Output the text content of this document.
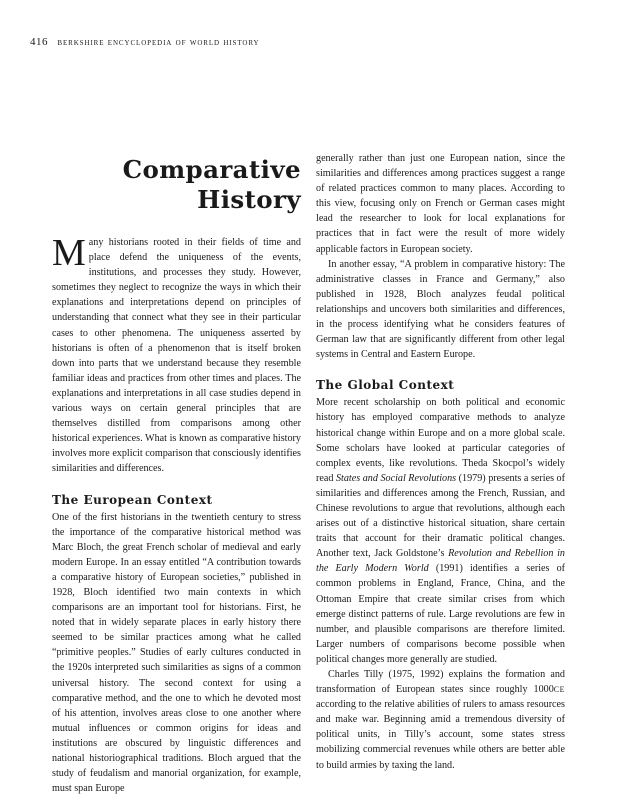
416 berkshire encyclopedia of world history
Comparative
History

Many historians rooted in their fields of time and place defend the uniqueness of the events, institutions, and processes they study. However, sometimes they neglect to recognize the ways in which their explanations and interpretations depend on principles of understanding that connect what they see in their particular cases to other phenomena. The uniqueness asserted by historians is often of a phenomenon that is itself broken down into parts that we understand because they resemble familiar ideas and practices from other times and places. The explanations and interpretations in all case studies depend in various ways on certain general principles that are themselves distilled from comparisons among other historical experiences. What is known as comparative history involves more explicit comparison that consciously identifies similarities and differences.

The European Context

One of the first historians in the twentieth century to stress the importance of the comparative historical method was Marc Bloch, the great French scholar of medieval and early modern Europe. In an essay entitled “A contribution towards a comparative history of European societies,” published in 1928, Bloch identified two main contexts in which comparisons are an important tool for historians. First, he noted that in widely separate places in early history there seemed to be similar practices among what he called “primitive peoples.” Studies of early cultures conducted in the 1920s interpreted such similarities as signs of a common universal history. The second context for using a comparative method, and the one to which he devoted most of his attention, involves areas close to one another where mutual influences or common origins for ideas and institutions are obscured by linguistic differences and national historiographical traditions. Bloch argued that the study of feudalism and manorial organization, for example, must span Europe

generally rather than just one European nation, since the similarities and differences among practices suggest a range of related practices common to many places. According to this view, focusing only on French or German cases might lead the researcher to look for local explanations for practices that in fact were the result of more widely applicable factors in European society.

In another essay, “A problem in comparative history: The administrative classes in France and Germany,” also published in 1928, Bloch analyzes feudal political relationships and uncovers both similarities and differences, in the process identifying what he considers features of German law that are significantly different from other legal systems in Central and Eastern Europe.

The Global Context

More recent scholarship on both political and economic history has employed comparative methods to analyze historical change within Europe and on a more global scale. Some scholars have looked at particular categories of complex events, like revolutions. Theda Skocpol’s widely read States and Social Revolutions (1979) presents a series of similarities and differences among the French, Russian, and Chinese revolutions to argue that revolutions, although each arises out of a distinctive historical situation, share certain traits that account for their dramatic political changes. Another text, Jack Goldstone’s Revolution and Rebellion in the Early Modern World (1991) identifies a series of common problems in England, France, China, and the Ottoman Empire that create similar crises from which emerge distinct patterns of rule. Large revolutions are few in number, and plausible comparisons are therefore limited. Larger numbers of comparisons become possible when political changes more generally are studied.

Charles Tilly (1975, 1992) explains the formation and transformation of European states since roughly 1000CE according to the relative abilities of rulers to amass resources and make war. Beginning amid a tremendous diversity of political units, in Tilly’s account, some states stress mobilizing commercial revenues while others are better able to build armies by taxing the land.
